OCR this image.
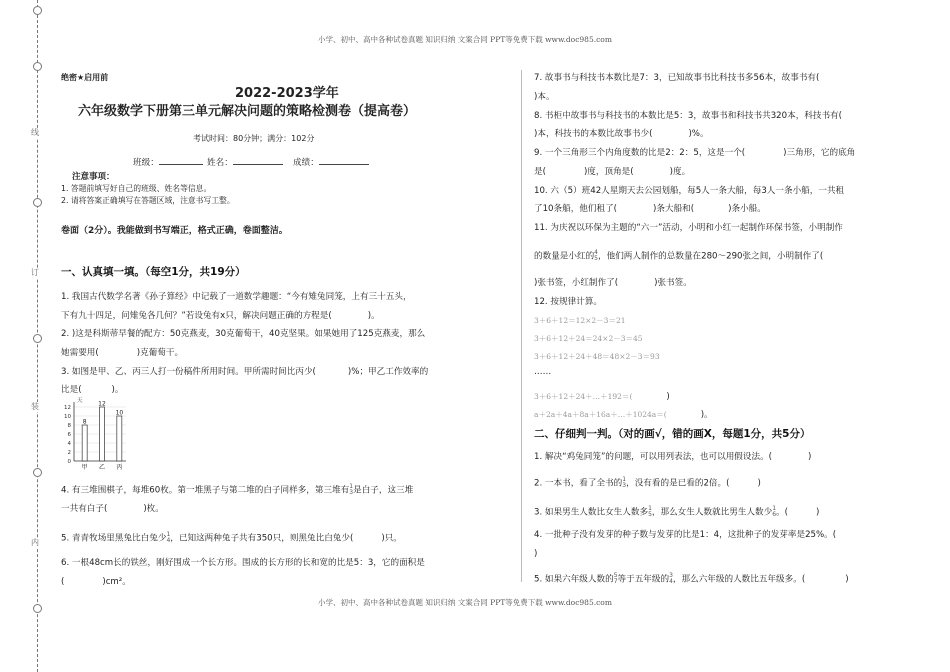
线
订
装
内
小学、初中、高中各种试卷真题 知识归纳 文案合同 PPT等免费下载 www.doc985.com
小学、初中、高中各种试卷真题 知识归纳 文案合同 PPT等免费下载 www.doc985.com
绝密★启用前
2022-2023学年
六年级数学下册第三单元解决问题的策略检测卷（提高卷）
考试时间：80分钟；满分：102分
班级：	姓名：	成绩：
注意事项：
1. 答题前填写好自己的班级、姓名等信息。
2. 请将答案正确填写在答题区域，注意书写工整。
卷面（2分）。我能做到书写端正，格式正确，卷面整洁。
一、认真填一填。（每空1分，共19分）
1. 我国古代数学名著《孙子算经》中记载了一道数学趣题：“今有雉兔同笼，上有三十五头，
下有九十四足，问雉兔各几何？”若设兔有x只，解决问题正确的方程是(	)。
2. )这是科斯蒂早餐的配方：50克燕麦，30克葡萄干，40克坚果。如果她用了125克燕麦，那么
她需要用(	)克葡萄干。
3. 如图是甲、乙、丙三人打一份稿件所用时间。甲所需时间比丙少(	)%；甲乙工作效率的
比是(	)。
0
2
4
6
8
10
12
天
8
甲
12
乙
10
丙
4. 有三堆围棋子，每堆60枚。第一堆黑子与第二堆的白子同样多，第三堆有 1
3 是白子，这三堆
一共有白子(	)枚。
5. 青青牧场里黑兔比白兔少 1
4 ，已知这两种兔子共有350只，则黑兔比白兔少(	)只。
6. 一根48cm长的铁丝，刚好围成一个长方形。围成的长方形的长和宽的比是5：3，它的面积是
(	)cm²。
7. 故事书与科技书本数比是7：3，已知故事书比科技书多56本，故事书有(
)本。
8. 书柜中故事书与科技书的本数比是5：3，故事书和科技书共320本，科技书有(
)本，科技书的本数比故事书少(	)%。
9. 一个三角形三个内角度数的比是2：2：5，这是一个(	)三角形，它的底角
是(	)度，顶角是(	)度。
10. 六（5）班42人星期天去公园划船，每5人一条大船，每3人一条小船，一共租
了10条船，他们租了(	)条大船和(	)条小船。
11. 为庆祝以环保为主题的“六一”活动，小明和小红一起制作环保书签，小明制作
的数量是小红的 4
5 ，他们两人制作的总数量在280～290张之间，小明制作了(
)张书签，小红制作了(	)张书签。
12. 按规律计算。
3＋6＋12＝12×2－3＝21
3＋6＋12＋24＝24×2－3＝45
3＋6＋12＋24＋48＝48×2－3＝93
……
3＋6＋12＋24＋…＋192＝(	)
a＋2a＋4a＋8a＋16a＋…＋1024a＝(	)。
二、仔细判一判。（对的画√，错的画X，每题1分，共5分）
1. 解决“鸡兔同笼”的问题，可以用列表法，也可以用假设法。(	)
2. 一本书，看了全书的 1
3 ，没有看的是已看的2倍。(	)
3. 如果男生人数比女生人数多 1
5 ，那么女生人数就比男生人数少 1
6 。(	)
4. 一批种子没有发芽的种子数与发芽的比是1：4，这批种子的发芽率是25%。(
)
5. 如果六年级人数的 5
7 等于五年级的 3
4 ，那么六年级的人数比五年级多。(	)
